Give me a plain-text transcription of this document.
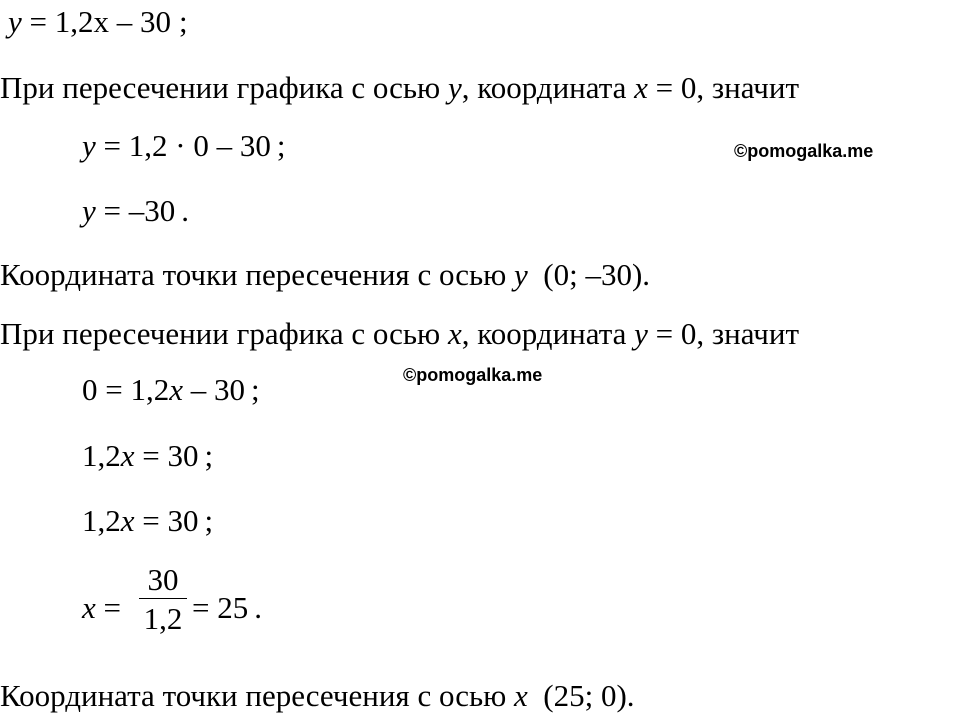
y = 1,2x – 30 ;
При пересечении графика с осью y, координата x = 0, значит
y = 1,2 · 0 – 30 ;	©pomogalka.me
y = –30 .
Координата точки пересечения с осью y  (0; –30).
При пересечении графика с осью x, координата y = 0, значит
©pomogalka.me
0 = 1,2x – 30 ;
1,2x = 30 ;
1,2x = 30 ;
x =
30
1,2 = 25 .
Координата точки пересечения с осью x  (25; 0).
